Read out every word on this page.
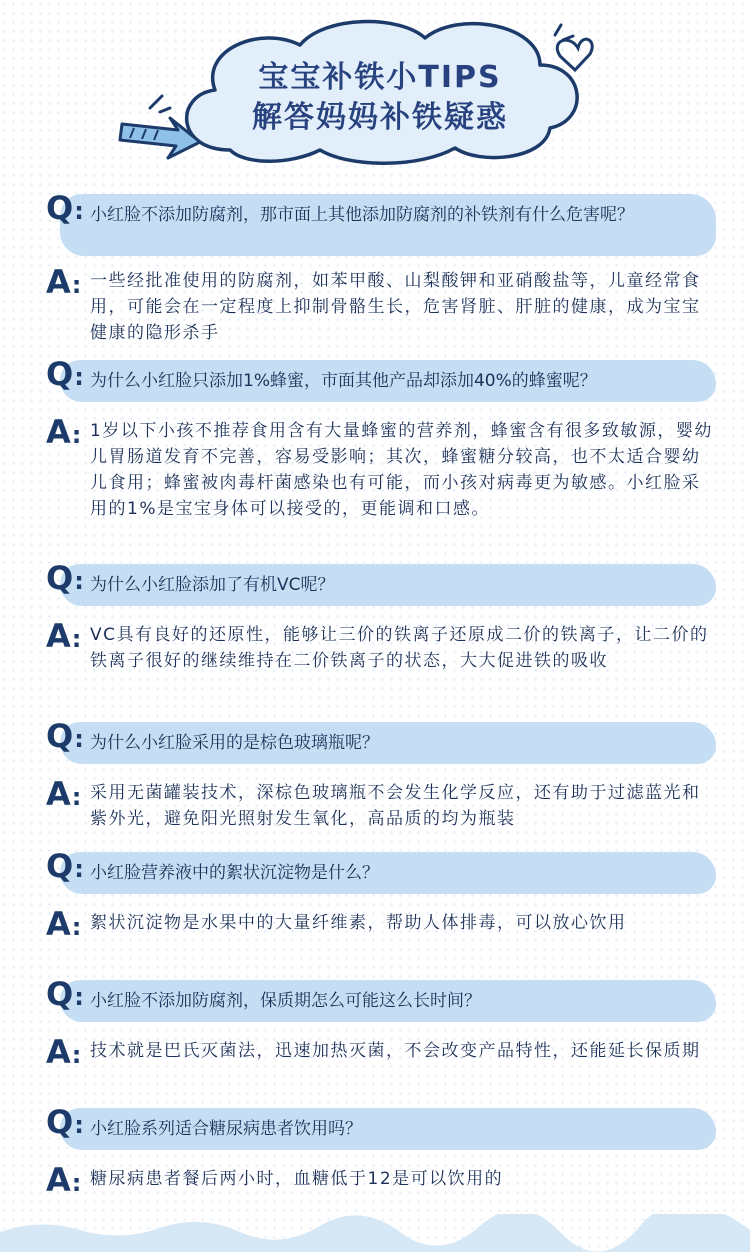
宝宝补铁小TIPS
解答妈妈补铁疑惑
Q: 小红脸不添加防腐剂，那市面上其他添加防腐剂的补铁剂有什么危害呢？
A: 一些经批准使用的防腐剂，如苯甲酸、山梨酸钾和亚硝酸盐等，儿童经常食用，可能会在一定程度上抑制骨骼生长，危害肾脏、肝脏的健康，成为宝宝健康的隐形杀手
Q: 为什么小红脸只添加1%蜂蜜，市面其他产品却添加40%的蜂蜜呢？
A: 1岁以下小孩不推荐食用含有大量蜂蜜的营养剂，蜂蜜含有很多致敏源，婴幼儿胃肠道发育不完善，容易受影响；其次，蜂蜜糖分较高，也不太适合婴幼儿食用；蜂蜜被肉毒杆菌感染也有可能，而小孩对病毒更为敏感。小红脸采用的1%是宝宝身体可以接受的，更能调和口感。
Q: 为什么小红脸添加了有机VC呢？
A: VC具有良好的还原性，能够让三价的铁离子还原成二价的铁离子，让二价的铁离子很好的继续维持在二价铁离子的状态，大大促进铁的吸收
Q: 为什么小红脸采用的是棕色玻璃瓶呢？
A: 采用无菌罐装技术，深棕色玻璃瓶不会发生化学反应，还有助于过滤蓝光和紫外光，避免阳光照射发生氧化，高品质的均为瓶装
Q: 小红脸营养液中的絮状沉淀物是什么？
A: 絮状沉淀物是水果中的大量纤维素，帮助人体排毒，可以放心饮用
Q: 小红脸不添加防腐剂，保质期怎么可能这么长时间？
A: 技术就是巴氏灭菌法，迅速加热灭菌，不会改变产品特性，还能延长保质期
Q: 小红脸系列适合糖尿病患者饮用吗？
A: 糖尿病患者餐后两小时，血糖低于12是可以饮用的
